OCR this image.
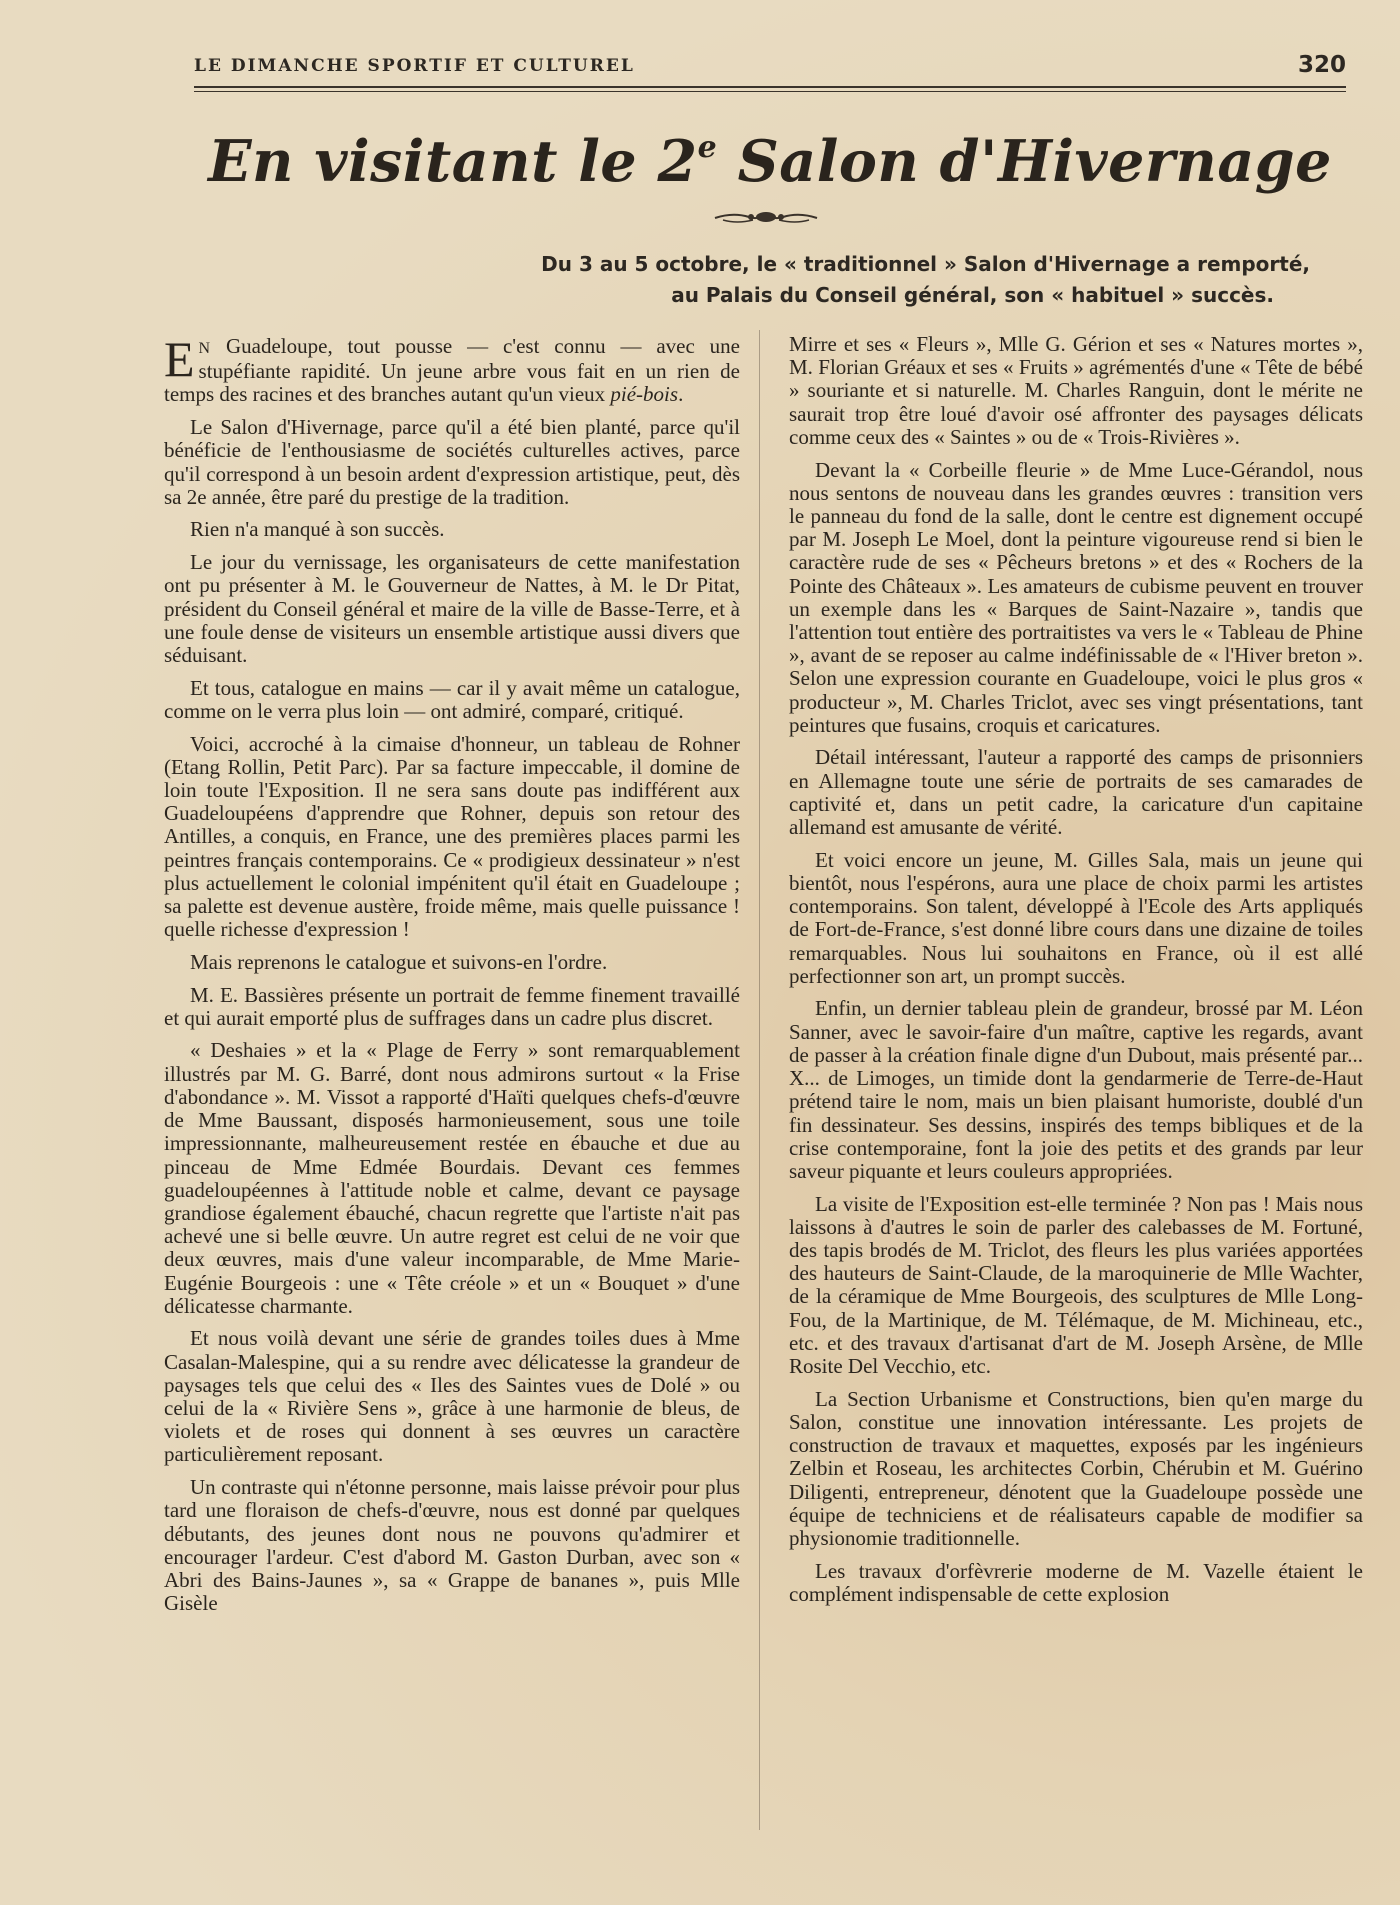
LE DIMANCHE SPORTIF ET CULTUREL	320
En visitant le 2e Salon d'Hivernage
Du 3 au 5 octobre, le « traditionnel » Salon d'Hivernage a remporté,
au Palais du Conseil général, son « habituel » succès.

E N Guadeloupe, tout pousse — c'est connu — avec une stupéfiante rapidité. Un jeune arbre vous fait en un rien de temps des racines et des branches autant qu'un vieux pié-bois.

Le Salon d'Hivernage, parce qu'il a été bien planté, parce qu'il bénéficie de l'enthousiasme de sociétés culturelles actives, parce qu'il correspond à un besoin ardent d'expression artistique, peut, dès sa 2e année, être paré du prestige de la tradition.

Rien n'a manqué à son succès.

Le jour du vernissage, les organisateurs de cette manifestation ont pu présenter à M. le Gouverneur de Nattes, à M. le Dr Pitat, président du Conseil général et maire de la ville de Basse-Terre, et à une foule dense de visiteurs un ensemble artistique aussi divers que séduisant.

Et tous, catalogue en mains — car il y avait même un catalogue, comme on le verra plus loin — ont admiré, comparé, critiqué.

Voici, accroché à la cimaise d'honneur, un tableau de Rohner (Etang Rollin, Petit Parc). Par sa facture impeccable, il domine de loin toute l'Exposition. Il ne sera sans doute pas indifférent aux Guadeloupéens d'apprendre que Rohner, depuis son retour des Antilles, a conquis, en France, une des premières places parmi les peintres français contemporains. Ce « prodigieux dessinateur » n'est plus actuellement le colonial impénitent qu'il était en Guadeloupe ; sa palette est devenue austère, froide même, mais quelle puissance ! quelle richesse d'expression !

Mais reprenons le catalogue et suivons-en l'ordre.

M. E. Bassières présente un portrait de femme finement travaillé et qui aurait emporté plus de suffrages dans un cadre plus discret.

« Deshaies » et la « Plage de Ferry » sont remarquablement illustrés par M. G. Barré, dont nous admirons surtout « la Frise d'abondance ». M. Vissot a rapporté d'Haïti quelques chefs-d'œuvre de Mme Baussant, disposés harmonieusement, sous une toile impressionnante, malheureusement restée en ébauche et due au pinceau de Mme Edmée Bourdais. Devant ces femmes guadeloupéennes à l'attitude noble et calme, devant ce paysage grandiose également ébauché, chacun regrette que l'artiste n'ait pas achevé une si belle œuvre. Un autre regret est celui de ne voir que deux œuvres, mais d'une valeur incomparable, de Mme Marie-Eugénie Bourgeois : une « Tête créole » et un « Bouquet » d'une délicatesse charmante.

Et nous voilà devant une série de grandes toiles dues à Mme Casalan-Malespine, qui a su rendre avec délicatesse la grandeur de paysages tels que celui des « Iles des Saintes vues de Dolé » ou celui de la « Rivière Sens », grâce à une harmonie de bleus, de violets et de roses qui donnent à ses œuvres un caractère particulièrement reposant.

Un contraste qui n'étonne personne, mais laisse prévoir pour plus tard une floraison de chefs-d'œuvre, nous est donné par quelques débutants, des jeunes dont nous ne pouvons qu'admirer et encourager l'ardeur. C'est d'abord M. Gaston Durban, avec son « Abri des Bains-Jaunes », sa « Grappe de bananes », puis Mlle Gisèle

Mirre et ses « Fleurs », Mlle G. Gérion et ses « Natures mortes », M. Florian Gréaux et ses « Fruits » agrémentés d'une « Tête de bébé » souriante et si naturelle. M. Charles Ranguin, dont le mérite ne saurait trop être loué d'avoir osé affronter des paysages délicats comme ceux des « Saintes » ou de « Trois-Rivières ».

Devant la « Corbeille fleurie » de Mme Luce-Gérandol, nous nous sentons de nouveau dans les grandes œuvres : transition vers le panneau du fond de la salle, dont le centre est dignement occupé par M. Joseph Le Moel, dont la peinture vigoureuse rend si bien le caractère rude de ses « Pêcheurs bretons » et des « Rochers de la Pointe des Châteaux ». Les amateurs de cubisme peuvent en trouver un exemple dans les « Barques de Saint-Nazaire », tandis que l'attention tout entière des portraitistes va vers le « Tableau de Phine », avant de se reposer au calme indéfinissable de « l'Hiver breton ». Selon une expression courante en Guadeloupe, voici le plus gros « producteur », M. Charles Triclot, avec ses vingt présentations, tant peintures que fusains, croquis et caricatures.

Détail intéressant, l'auteur a rapporté des camps de prisonniers en Allemagne toute une série de portraits de ses camarades de captivité et, dans un petit cadre, la caricature d'un capitaine allemand est amusante de vérité.

Et voici encore un jeune, M. Gilles Sala, mais un jeune qui bientôt, nous l'espérons, aura une place de choix parmi les artistes contemporains. Son talent, développé à l'Ecole des Arts appliqués de Fort-de-France, s'est donné libre cours dans une dizaine de toiles remarquables. Nous lui souhaitons en France, où il est allé perfectionner son art, un prompt succès.

Enfin, un dernier tableau plein de grandeur, brossé par M. Léon Sanner, avec le savoir-faire d'un maître, captive les regards, avant de passer à la création finale digne d'un Dubout, mais présenté par... X... de Limoges, un timide dont la gendarmerie de Terre-de-Haut prétend taire le nom, mais un bien plaisant humoriste, doublé d'un fin dessinateur. Ses dessins, inspirés des temps bibliques et de la crise contemporaine, font la joie des petits et des grands par leur saveur piquante et leurs couleurs appropriées.

La visite de l'Exposition est-elle terminée ? Non pas ! Mais nous laissons à d'autres le soin de parler des calebasses de M. Fortuné, des tapis brodés de M. Triclot, des fleurs les plus variées apportées des hauteurs de Saint-Claude, de la maroquinerie de Mlle Wachter, de la céramique de Mme Bourgeois, des sculptures de Mlle Long-Fou, de la Martinique, de M. Télémaque, de M. Michineau, etc., etc. et des travaux d'artisanat d'art de M. Joseph Arsène, de Mlle Rosite Del Vecchio, etc.

La Section Urbanisme et Constructions, bien qu'en marge du Salon, constitue une innovation intéressante. Les projets de construction de travaux et maquettes, exposés par les ingénieurs Zelbin et Roseau, les architectes Corbin, Chérubin et M. Guérino Diligenti, entrepreneur, dénotent que la Guadeloupe possède une équipe de techniciens et de réalisateurs capable de modifier sa physionomie traditionnelle.

Les travaux d'orfèvrerie moderne de M. Vazelle étaient le complément indispensable de cette explosion
